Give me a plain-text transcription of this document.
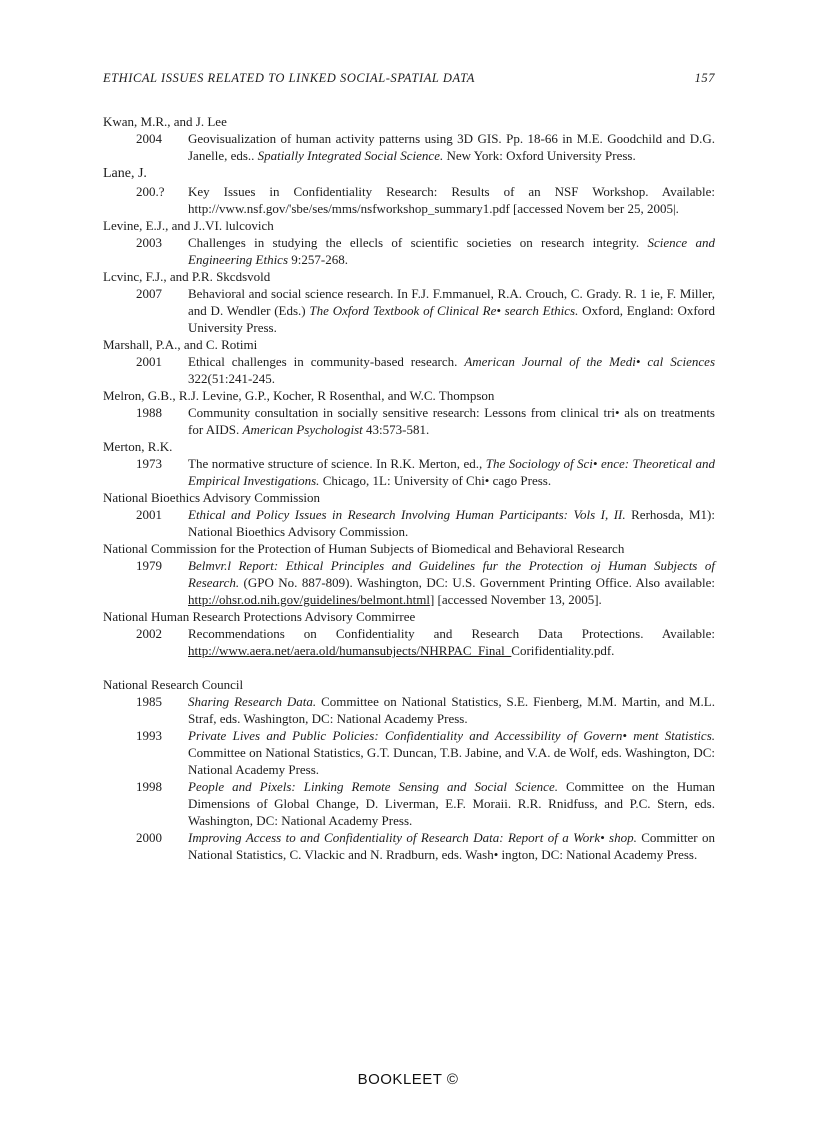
ETHICAL ISSUES RELATED TO LINKED SOCIAL-SPATIAL DATA	157

Kwan, M.R., and J. Lee

2004	Geovisualization of human activity patterns using 3D GIS. Pp. 18-66 in M.E. Goodchild and D.G. Janelle, eds.. Spatially Integrated Social Science. New York: Oxford University Press.

Lane, J.

200.?	Key Issues in Confidentiality Research: Results of an NSF Workshop. Available: http://vww.nsf.gov/'sbe/ses/mms/nsfworkshop_summary1.pdf [accessed Novem ber 25, 2005|.

Levine, E.J., and J..VI. lulcovich

2003	Challenges in studying the ellecls of scientific societies on research integrity. Science and Engineering Ethics 9:257-268.

Lcvinc, F.J., and P.R. Skcdsvold

2007	Behavioral and social science research. In F.J. F.mmanuel, R.A. Crouch, C. Grady. R. 1 ie, F. Miller, and D. Wendler (Eds.) The Oxford Textbook of Clinical Re• search Ethics. Oxford, England: Oxford University Press.

Marshall, P.A., and C. Rotimi

2001	Ethical challenges in community-based research. American Journal of the Medi• cal Sciences 322(51:241-245.

Melron, G.B., R.J. Levine, G.P., Kocher, R Rosenthal, and W.C. Thompson

1988	Community consultation in socially sensitive research: Lessons from clinical tri• als on treatments for AIDS. American Psychologist 43:573-581.

Merton, R.K.

1973	The normative structure of science. In R.K. Merton, ed., The Sociology of Sci• ence: Theoretical and Empirical Investigations. Chicago, 1L: University of Chi• cago Press.

National Bioethics Advisory Commission

2001	Ethical and Policy Issues in Research Involving Human Participants: Vols I, II. Rerhosda, M1): National Bioethics Advisory Commission.

National Commission for the Protection of Human Subjects of Biomedical and Behavioral Research

1979	Belmvr.l Report: Ethical Principles and Guidelines fur the Protection oj Human Subjects of Research. (GPO No. 887-809). Washington, DC: U.S. Government Printing Office. Also available: http://ohsr.od.nih.gov/guidelines/belmont.html] [accessed November 13, 2005].

National Human Research Protections Advisory Commirree

2002	Recommendations on Confidentiality and Research Data Protections. Available: http://www.aera.net/aera.old/humansubjects/NHRPAC_Final_Corifidentiality.pdf.

National Research Council

1985	Sharing Research Data. Committee on National Statistics, S.E. Fienberg, M.M. Martin, and M.L. Straf, eds. Washington, DC: National Academy Press.
1993	Private Lives and Public Policies: Confidentiality and Accessibility of Govern• ment Statistics. Committee on National Statistics, G.T. Duncan, T.B. Jabine, and V.A. de Wolf, eds. Washington, DC: National Academy Press.
1998	People and Pixels: Linking Remote Sensing and Social Science. Committee on the Human Dimensions of Global Change, D. Liverman, E.F. Moraii. R.R. Rnidfuss, and P.C. Stern, eds. Washington, DC: National Academy Press.
2000	Improving Access to and Confidentiality of Research Data: Report of a Work• shop. Committer on National Statistics, C. Vlackic and N. Rradburn, eds. Wash• ington, DC: National Academy Press.
BOOKLEET ©
